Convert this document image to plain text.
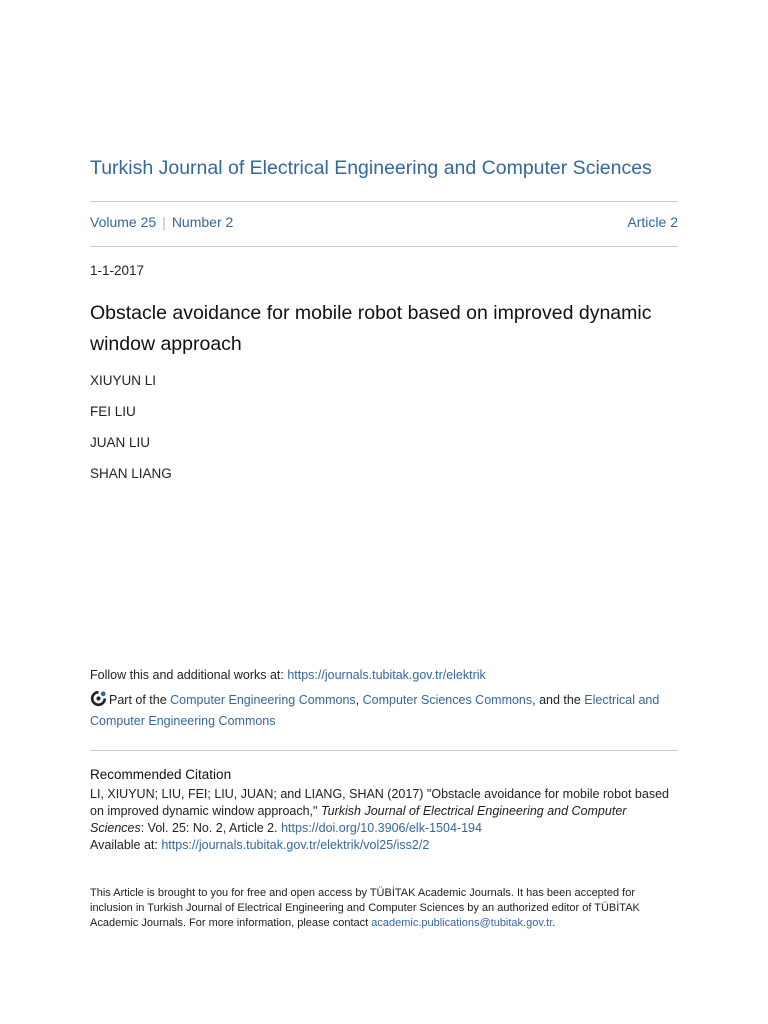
Turkish Journal of Electrical Engineering and Computer Sciences
Volume 25 | Number 2	Article 2
1-1-2017
Obstacle avoidance for mobile robot based on improved dynamic window approach
XIUYUN LI
FEI LIU
JUAN LIU
SHAN LIANG
Follow this and additional works at: https://journals.tubitak.gov.tr/elektrik
Part of the Computer Engineering Commons, Computer Sciences Commons, and the Electrical and Computer Engineering Commons
Recommended Citation
LI, XIUYUN; LIU, FEI; LIU, JUAN; and LIANG, SHAN (2017) "Obstacle avoidance for mobile robot based on improved dynamic window approach," Turkish Journal of Electrical Engineering and Computer Sciences: Vol. 25: No. 2, Article 2. https://doi.org/10.3906/elk-1504-194
Available at: https://journals.tubitak.gov.tr/elektrik/vol25/iss2/2
This Article is brought to you for free and open access by TÜBİTAK Academic Journals. It has been accepted for inclusion in Turkish Journal of Electrical Engineering and Computer Sciences by an authorized editor of TÜBİTAK Academic Journals. For more information, please contact academic.publications@tubitak.gov.tr.
